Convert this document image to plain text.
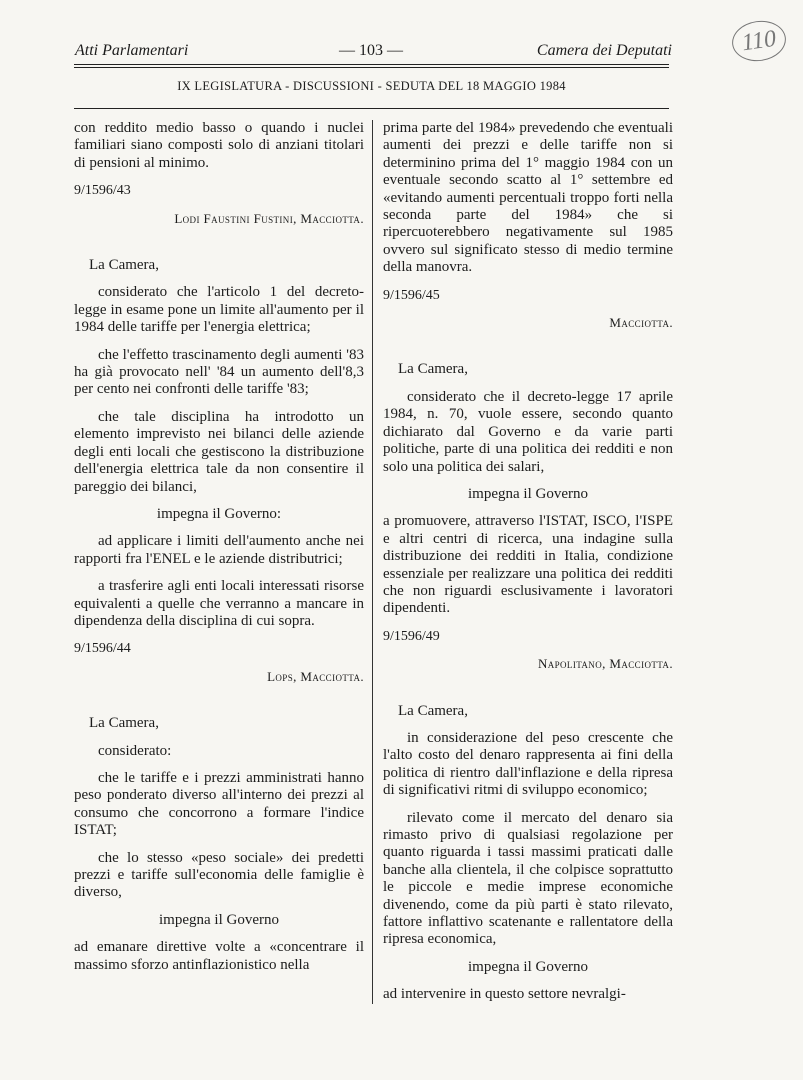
Atti Parlamentari	— 103 —	Camera dei Deputati	110
IX LEGISLATURA - DISCUSSIONI - SEDUTA DEL 18 MAGGIO 1984

con reddito medio basso o quando i nuclei familiari siano composti solo di anziani titolari di pensioni al minimo.

9/1596/43

Lodi Faustini Fustini, Macciotta.

La Camera,

considerato che l'articolo 1 del decreto-legge in esame pone un limite all'aumento per il 1984 delle tariffe per l'energia elettrica;

che l'effetto trascinamento degli aumenti '83 ha già provocato nell' '84 un aumento dell'8,3 per cento nei confronti delle tariffe '83;

che tale disciplina ha introdotto un elemento imprevisto nei bilanci delle aziende degli enti locali che gestiscono la distribuzione dell'energia elettrica tale da non consentire il pareggio dei bilanci,

impegna il Governo:

ad applicare i limiti dell'aumento anche nei rapporti fra l'ENEL e le aziende distributrici;

a trasferire agli enti locali interessati risorse equivalenti a quelle che verranno a mancare in dipendenza della disciplina di cui sopra.

9/1596/44

Lops, Macciotta.

La Camera,

considerato:

che le tariffe e i prezzi amministrati hanno peso ponderato diverso all'interno dei prezzi al consumo che concorrono a formare l'indice ISTAT;

che lo stesso «peso sociale» dei predetti prezzi e tariffe sull'economia delle famiglie è diverso,

impegna il Governo

ad emanare direttive volte a «concentrare il massimo sforzo antinflazionistico nella

prima parte del 1984» prevedendo che eventuali aumenti dei prezzi e delle tariffe non si determinino prima del 1° maggio 1984 con un eventuale secondo scatto al 1° settembre ed «evitando aumenti percentuali troppo forti nella seconda parte del 1984» che si ripercuoterebbero negativamente sul 1985 ovvero sul significato stesso di medio termine della manovra.

9/1596/45

Macciotta.

La Camera,

considerato che il decreto-legge 17 aprile 1984, n. 70, vuole essere, secondo quanto dichiarato dal Governo e da varie parti politiche, parte di una politica dei redditi e non solo una politica dei salari,

impegna il Governo

a promuovere, attraverso l'ISTAT, ISCO, l'ISPE e altri centri di ricerca, una indagine sulla distribuzione dei redditi in Italia, condizione essenziale per realizzare una politica dei redditi che non riguardi esclusivamente i lavoratori dipendenti.

9/1596/49

Napolitano, Macciotta.

La Camera,

in considerazione del peso crescente che l'alto costo del denaro rappresenta ai fini della politica di rientro dall'inflazione e della ripresa di significativi ritmi di sviluppo economico;

rilevato come il mercato del denaro sia rimasto privo di qualsiasi regolazione per quanto riguarda i tassi massimi praticati dalle banche alla clientela, il che colpisce soprattutto le piccole e medie imprese economiche divenendo, come da più parti è stato rilevato, fattore inflattivo scatenante e rallentatore della ripresa economica,

impegna il Governo

ad intervenire in questo settore nevralgi-
